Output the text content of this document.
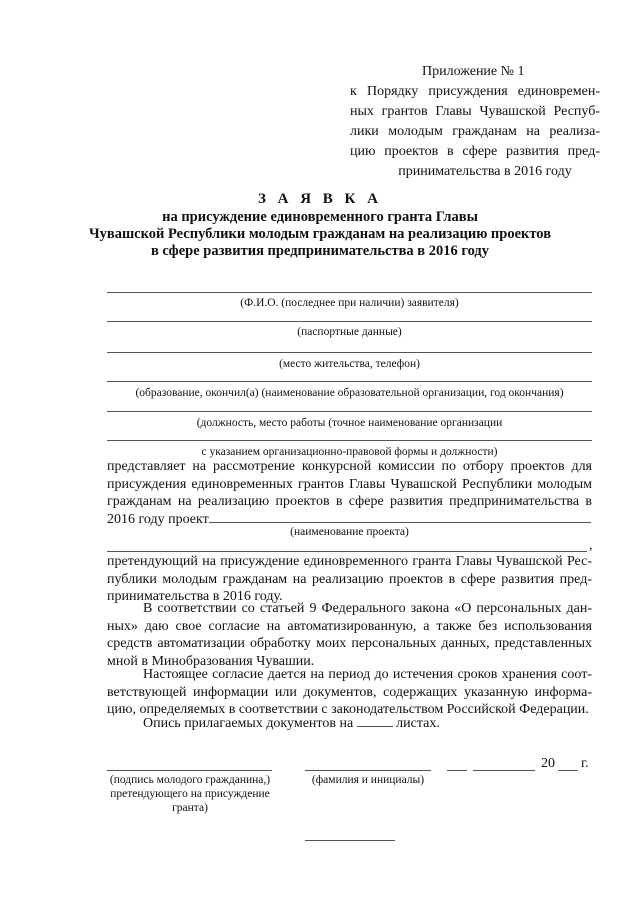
Приложение № 1
к Порядку присуждения единовремен-
ных грантов Главы Чувашской Респуб-
лики молодым гражданам на реализа-
цию проектов в сфере развития пред-
принимательства в 2016 году
З А Я В К А
на присуждение единовременного гранта Главы
Чувашской Республики молодым гражданам на реализацию проектов
в сфере развития предпринимательства в 2016 году
(Ф.И.О. (последнее при наличии) заявителя)
(паспортные данные)
(место жительства, телефон)
(образование, окончил(а) (наименование образовательной организации, год окончания)
(должность, место работы (точное наименование организации
с указанием организационно-правовой формы и должности)
представляет на рассмотрение конкурсной комиссии по отбору проектов для
присуждения единовременных грантов Главы Чувашской Республики молодым
гражданам на реализацию проектов в сфере развития предпринимательства в
2016 году проект
(наименование проекта)
,
претендующий на присуждение единовременного гранта Главы Чувашской Рес-
публики молодым гражданам на реализацию проектов в сфере развития пред-
принимательства в 2016 году.
В соответствии со статьей 9 Федерального закона «О персональных дан-
ных» даю свое согласие на автоматизированную, а также без использования
средств автоматизации обработку моих персональных данных, представленных
мной в Минобразования Чувашии.
Настоящее согласие дается на период до истечения сроков хранения соот-
ветствующей информации или документов, содержащих указанную информа-
цию, определяемых в соответствии с законодательством Российской Федерации.
Опись прилагаемых документов на	листах.
20 г.
(подпись молодого гражданина,)
претендующего на присуждение
гранта)
(фамилия и инициалы)
